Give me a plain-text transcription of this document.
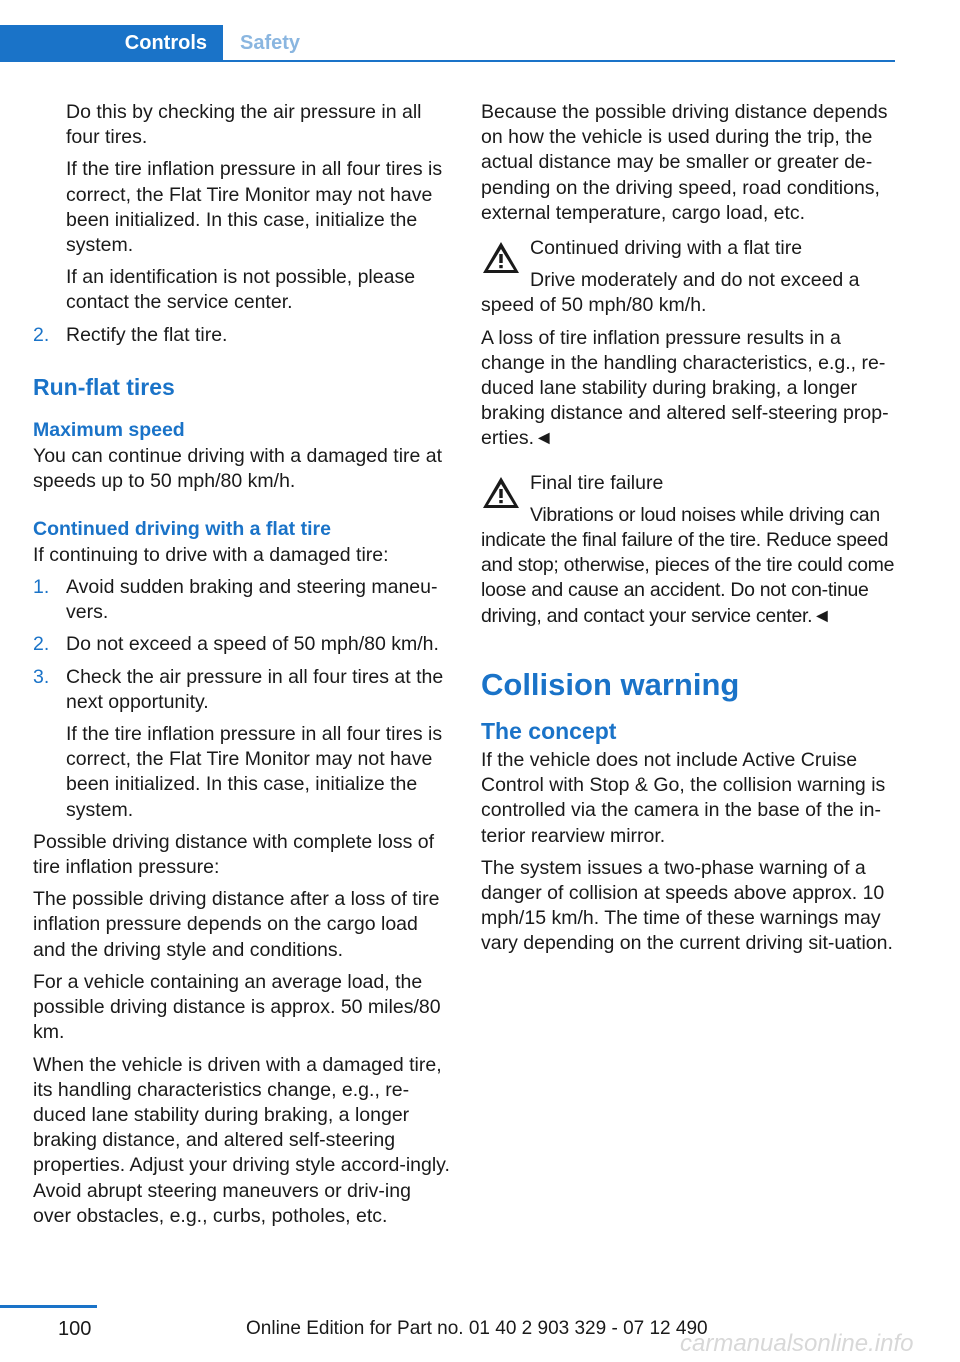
Controls	Safety

Do this by checking the air pressure in all four tires.

If the tire inflation pressure in all four tires is correct, the Flat Tire Monitor may not have been initialized. In this case, initialize the system.

If an identification is not possible, please contact the service center.

2. Rectify the flat tire.
Run-flat tires
Maximum speed

You can continue driving with a damaged tire at speeds up to 50 mph/80 km/h.

Continued driving with a flat tire

If continuing to drive with a damaged tire:

1. Avoid sudden braking and steering maneu‐vers.
2. Do not exceed a speed of 50 mph/80 km/h.
3. Check the air pressure in all four tires at the next opportunity.

If the tire inflation pressure in all four tires is correct, the Flat Tire Monitor may not have been initialized. In this case, initialize the system.

Possible driving distance with complete loss of tire inflation pressure:

The possible driving distance after a loss of tire inflation pressure depends on the cargo load and the driving style and conditions.

For a vehicle containing an average load, the possible driving distance is approx. 50 miles/80 km.

When the vehicle is driven with a damaged tire, its handling characteristics change, e.g., re‐duced lane stability during braking, a longer braking distance, and altered self-steering properties. Adjust your driving style accord‐ingly. Avoid abrupt steering maneuvers or driv‐ing over obstacles, e.g., curbs, potholes, etc.

Because the possible driving distance depends on how the vehicle is used during the trip, the actual distance may be smaller or greater de‐pending on the driving speed, road conditions, external temperature, cargo load, etc.

Continued driving with a flat tire

Drive moderately and do not exceed a speed of 50 mph/80 km/h.

A loss of tire inflation pressure results in a change in the handling characteristics, e.g., re‐duced lane stability during braking, a longer braking distance and altered self-steering prop‐erties.◄

Final tire failure

Vibrations or loud noises while driving can indicate the final failure of the tire. Reduce speed and stop; otherwise, pieces of the tire could come loose and cause an accident. Do not con‐tinue driving, and contact your service center.◄

Collision warning
The concept

If the vehicle does not include Active Cruise Control with Stop & Go, the collision warning is controlled via the camera in the base of the in‐terior rearview mirror.

The system issues a two-phase warning of a danger of collision at speeds above approx. 10 mph/15 km/h. The time of these warnings may vary depending on the current driving sit‐uation.

100	Online Edition for Part no. 01 40 2 903 329 - 07 12 490
carmanualsonline.info
